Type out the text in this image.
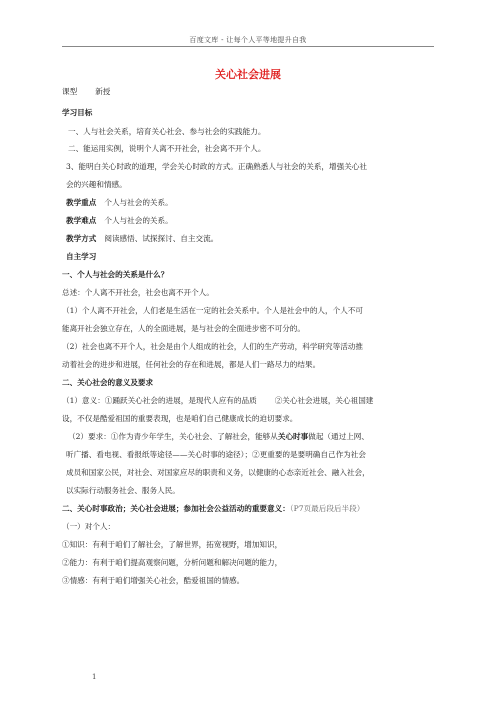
百度文库 - 让每个人平等地提升自我
关心社会进展
课型 新授
学习目标
一、人与社会关系，培育关心社会、参与社会的实践能力。
二、能运用实例，说明个人离不开社会，社会离不开个人。
3、能明白关心时政的道理，学会关心时政的方式。正确熟悉人与社会的关系，增强关心社
会的兴趣和情感。
教学重点 个人与社会的关系。
教学难点 个人与社会的关系。
教学方式 阅读感悟、试探探讨、自主交流。
自主学习
一、个人与社会的关系是什么？
总述：个人离不开社会，社会也离不开个人。
（1）个人离不开社会，人们老是生活在一定的社会关系中。个人是社会中的人，个人不可
能离开社会独立存在，人的全面进展，是与社会的全面进步密不可分的。
（2）社会也离不开个人，社会是由个人组成的社会，人们的生产劳动，科学研究等活动推
动着社会的进步和进展，任何社会的存在和进展，都是人们一路尽力的结果。
二、关心社会的意义及要求
（1）意义：①踊跃关心社会的进展，是现代人应有的品质 ②关心社会进展，关心祖国建
设，不仅是酷爱祖国的重要表现，也是咱们自己健康成长的迫切要求。
（2）要求：①作为青少年学生，关心社会、了解社会，能够从关心时事做起（通过上网、
听广播、看电视、看报纸等途径——关心时事的途径）；②更重要的是要明确自己作为社会
成员和国家公民，对社会、对国家应尽的职责和义务，以健康的心态亲近社会、融入社会，
以实际行动服务社会、服务人民。
二、关心时事政治；关心社会进展；参加社会公益活动的重要意义：（P7页最后段后半段）
（一）对个人：
①知识：有利于咱们了解社会，了解世界，拓宽视野，增加知识，
②能力：有利于咱们提高观察问题，分析问题和解决问题的能力，
③情感：有利于咱们增强关心社会，酷爱祖国的情感。
1
